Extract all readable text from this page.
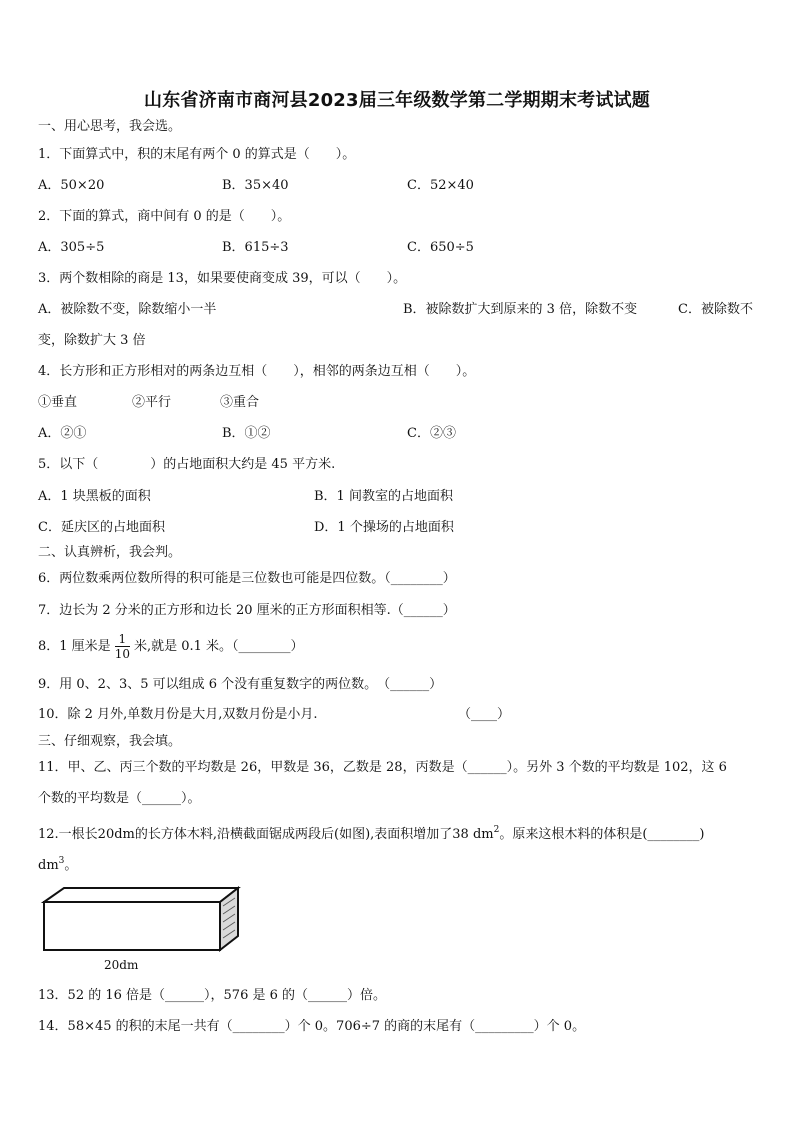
山东省济南市商河县2023届三年级数学第二学期期末考试试题
一、用心思考，我会选。
1．下面算式中，积的末尾有两个 0 的算式是（　　）。
A．50×20	B．35×40	C．52×40
2．下面的算式，商中间有 0 的是（　　）。
A．305÷5	B．615÷3	C．650÷5
3．两个数相除的商是 13，如果要使商变成 39，可以（　　）。
A．被除数不变，除数缩小一半	B．被除数扩大到原来的 3 倍，除数不变	C．被除数不
变，除数扩大 3 倍
4．长方形和正方形相对的两条边互相（　　），相邻的两条边互相（　　）。
①垂直	②平行	③重合
A．②①	B．①②	C．②③
5．以下（　　　　）的占地面积大约是 45 平方米.
A．1 块黑板的面积	B．1 间教室的占地面积
C．延庆区的占地面积	D．1 个操场的占地面积
二、认真辨析，我会判。
6．两位数乘两位数所得的积可能是三位数也可能是四位数。（________）
7．边长为 2 分米的正方形和边长 20 厘米的正方形面积相等.（______）
8．1 厘米是 $\frac{1}{10}$ 米,就是 0.1 米。（________）
9．用 0、2、3、5 可以组成 6 个没有重复数字的两位数。　（______）
10．除 2 月外,单数月份是大月,双数月份是小月.	（____）
三、仔细观察，我会填。
11．甲、乙、丙三个数的平均数是 26，甲数是 36，乙数是 28，丙数是（______）。另外 3 个数的平均数是 102，这 6
个数的平均数是（______）。
12.一根长20dm的长方体木料,沿横截面锯成两段后(如图),表面积增加了38 $dm^2$。原来这根木料的体积是(________)
$dm^3$。
20dm
13．52 的 16 倍是（______），576 是 6 的（______）倍。
14．58×45 的积的末尾一共有（________）个 0。706÷7 的商的末尾有（_________）个 0。
